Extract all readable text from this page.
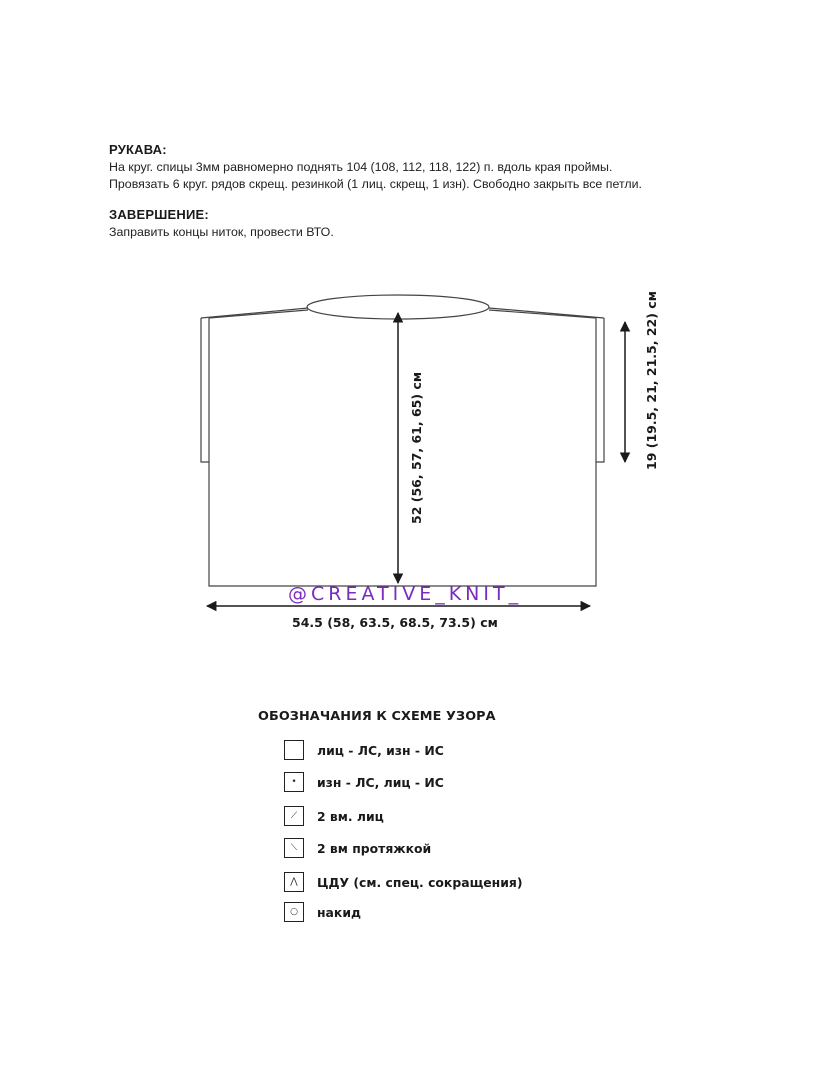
РУКАВА:

На круг. спицы 3мм равномерно поднять 104 (108, 112, 118, 122) п. вдоль края проймы.

Провязать 6 круг. рядов скрещ. резинкой (1 лиц. скрещ, 1 изн). Свободно закрыть все петли.

ЗАВЕРШЕНИЕ:

Заправить концы ниток, провести ВТО.

52 (56, 57, 61, 65) см	19 (19.5, 21, 21.5, 22) см
54.5 (58, 63.5, 68.5, 73.5) см
@CREATIVE_KNIT_
ОБОЗНАЧАНИЯ К СХЕМЕ УЗОРА
лиц - ЛС, изн - ИС
•	изн - ЛС, лиц - ИС
⟋	2 вм. лиц
⟍	2 вм протяжкой
⋀	ЦДУ (см. спец. сокращения)
○	накид
